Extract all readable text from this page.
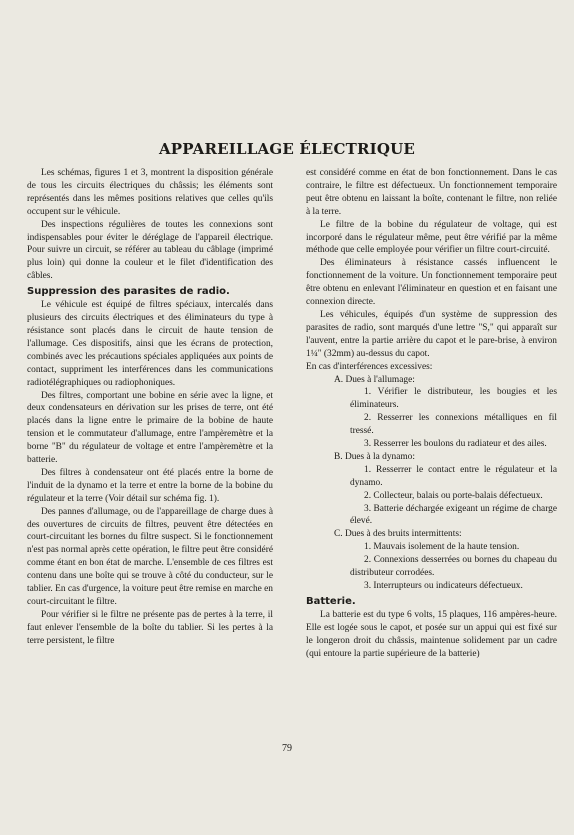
APPAREILLAGE ÉLECTRIQUE

Les schémas, figures 1 et 3, montrent la disposition générale de tous les circuits électriques du châssis; les éléments sont représentés dans les mêmes positions relatives que celles qu'ils occupent sur le véhicule.

Des inspections régulières de toutes les connexions sont indispensables pour éviter le déréglage de l'appareil électrique. Pour suivre un circuit, se référer au tableau du câblage (imprimé plus loin) qui donne la couleur et le filet d'identification des câbles.

Suppression des parasites de radio.

Le véhicule est équipé de filtres spéciaux, intercalés dans plusieurs des circuits électriques et des éliminateurs du type à résistance sont placés dans le circuit de haute tension de l'allumage. Ces dispositifs, ainsi que les écrans de protection, combinés avec les précautions spéciales appliquées aux points de contact, suppriment les interférences dans les communications radiotélégraphiques ou radiophoniques.

Des filtres, comportant une bobine en série avec la ligne, et deux condensateurs en dérivation sur les prises de terre, ont été placés dans la ligne entre le primaire de la bobine de haute tension et le commutateur d'allumage, entre l'ampèremètre et la borne "B" du régulateur de voltage et entre l'ampèremètre et la batterie.

Des filtres à condensateur ont été placés entre la borne de l'induit de la dynamo et la terre et entre la borne de la bobine du régulateur et la terre (Voir détail sur schéma fig. 1).

Des pannes d'allumage, ou de l'appareillage de charge dues à des ouvertures de circuits de filtres, peuvent être détectées en court-circuitant les bornes du filtre suspect. Si le fonctionnement n'est pas normal après cette opération, le filtre peut être considéré comme étant en bon état de marche. L'ensemble de ces filtres est contenu dans une boîte qui se trouve à côté du conducteur, sur le tablier. En cas d'urgence, la voiture peut être remise en marche en court-circuitant le filtre.

Pour vérifier si le filtre ne présente pas de pertes à la terre, il faut enlever l'ensemble de la boîte du tablier. Si les pertes à la terre persistent, le filtre

est considéré comme en état de bon fonctionnement. Dans le cas contraire, le filtre est défectueux. Un fonctionnement temporaire peut être obtenu en laissant la boîte, contenant le filtre, non reliée à la terre.

Le filtre de la bobine du régulateur de voltage, qui est incorporé dans le régulateur même, peut être vérifié par la même méthode que celle employée pour vérifier un filtre court-circuité.

Des éliminateurs à résistance cassés influencent le fonctionnement de la voiture. Un fonctionnement temporaire peut être obtenu en enlevant l'éliminateur en question et en faisant une connexion directe.

Les véhicules, équipés d'un système de suppression des parasites de radio, sont marqués d'une lettre "S," qui apparaît sur l'auvent, entre la partie arrière du capot et le pare-brise, à environ 1¼" (32mm) au-dessus du capot.

En cas d'interférences excessives:

A. Dues à l'allumage:

1. Vérifier le distributeur, les bougies et les éliminateurs.

2. Resserrer les connexions métalliques en fil tressé.

3. Resserrer les boulons du radiateur et des ailes.

B. Dues à la dynamo:

1. Resserrer le contact entre le régulateur et la dynamo.

2. Collecteur, balais ou porte-balais défectueux.

3. Batterie déchargée exigeant un régime de charge élevé.

C. Dues à des bruits intermittents:

1. Mauvais isolement de la haute tension.

2. Connexions desserrées ou bornes du chapeau du distributeur corrodées.

3. Interrupteurs ou indicateurs défectueux.

Batterie.

La batterie est du type 6 volts, 15 plaques, 116 ampères-heure. Elle est logée sous le capot, et posée sur un appui qui est fixé sur le longeron droit du châssis, maintenue solidement par un cadre (qui entoure la partie supérieure de la batterie)

79
